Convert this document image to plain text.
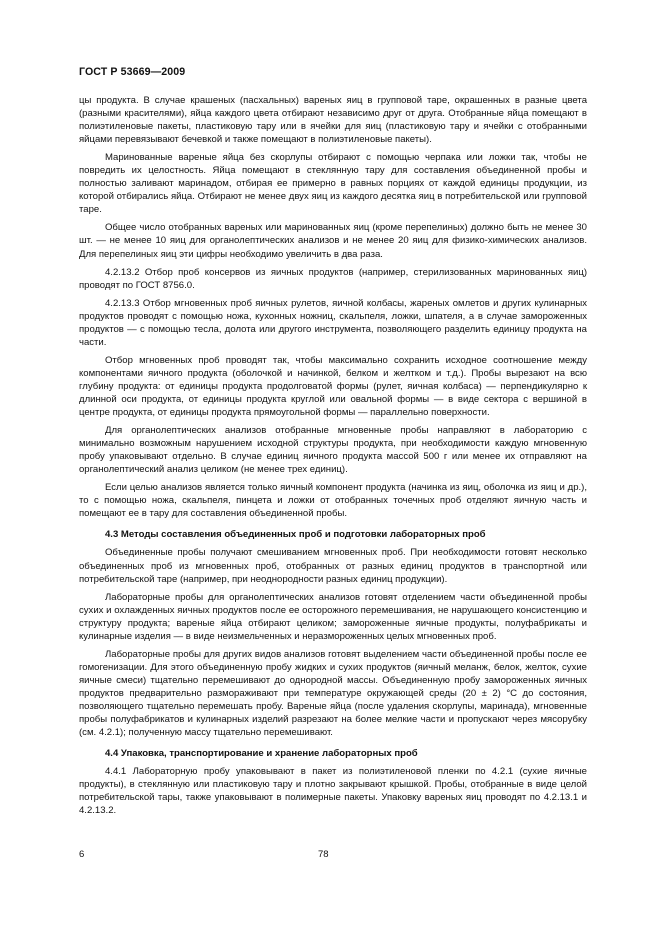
ГОСТ Р 53669—2009

цы продукта. В случае крашеных (пасхальных) вареных яиц в групповой таре, окрашенных в разные цвета (разными красителями), яйца каждого цвета отбирают независимо друг от друга. Отобранные яйца помещают в полиэтиленовые пакеты, пластиковую тару или в ячейки для яиц (пластиковую тару и ячейки с отобранными яйцами перевязывают бечевкой и также помещают в полиэтиленовые пакеты).

Маринованные вареные яйца без скорлупы отбирают с помощью черпака или ложки так, чтобы не повредить их целостность. Яйца помещают в стеклянную тару для составления объединенной пробы и полностью заливают маринадом, отбирая ее примерно в равных порциях от каждой единицы продукции, из которой отбирались яйца. Отбирают не менее двух яиц из каждого десятка яиц в потребительской или групповой таре.

Общее число отобранных вареных или маринованных яиц (кроме перепелиных) должно быть не менее 30 шт. — не менее 10 яиц для органолептических анализов и не менее 20 яиц для физико-химических анализов. Для перепелиных яиц эти цифры необходимо увеличить в два раза.

4.2.13.2 Отбор проб консервов из яичных продуктов (например, стерилизованных маринованных яиц) проводят по ГОСТ 8756.0.

4.2.13.3 Отбор мгновенных проб яичных рулетов, яичной колбасы, жареных омлетов и других кулинарных продуктов проводят с помощью ножа, кухонных ножниц, скальпеля, ложки, шпателя, а в случае замороженных продуктов — с помощью тесла, долота или другого инструмента, позволяющего разделить единицу продукта на части.

Отбор мгновенных проб проводят так, чтобы максимально сохранить исходное соотношение между компонентами яичного продукта (оболочкой и начинкой, белком и желтком и т.д.). Пробы вырезают на всю глубину продукта: от единицы продукта продолговатой формы (рулет, яичная колбаса) — перпендикулярно к длинной оси продукта, от единицы продукта круглой или овальной формы — в виде сектора с вершиной в центре продукта, от единицы продукта прямоугольной формы — параллельно поверхности.

Для органолептических анализов отобранные мгновенные пробы направляют в лабораторию с минимально возможным нарушением исходной структуры продукта, при необходимости каждую мгновенную пробу упаковывают отдельно. В случае единиц яичного продукта массой 500 г или менее их отправляют на органолептический анализ целиком (не менее трех единиц).

Если целью анализов является только яичный компонент продукта (начинка из яиц, оболочка из яиц и др.), то с помощью ножа, скальпеля, пинцета и ложки от отобранных точечных проб отделяют яичную часть и помещают ее в тару для составления объединенной пробы.

4.3 Методы составления объединенных проб и подготовки лабораторных проб

Объединенные пробы получают смешиванием мгновенных проб. При необходимости готовят несколько объединенных проб из мгновенных проб, отобранных от разных единиц продуктов в транспортной или потребительской таре (например, при неоднородности разных единиц продукции).

Лабораторные пробы для органолептических анализов готовят отделением части объединенной пробы сухих и охлажденных яичных продуктов после ее осторожного перемешивания, не нарушающего консистенцию и структуру продукта; вареные яйца отбирают целиком; замороженные яичные продукты, полуфабрикаты и кулинарные изделия — в виде неизмельченных и неразмороженных целых мгновенных проб.

Лабораторные пробы для других видов анализов готовят выделением части объединенной пробы после ее гомогенизации. Для этого объединенную пробу жидких и сухих продуктов (яичный меланж, белок, желток, сухие яичные смеси) тщательно перемешивают до однородной массы. Объединенную пробу замороженных яичных продуктов предварительно размораживают при температуре окружающей среды (20 ± 2) °С до состояния, позволяющего тщательно перемешать пробу. Вареные яйца (после удаления скорлупы, маринада), мгновенные пробы полуфабрикатов и кулинарных изделий разрезают на более мелкие части и пропускают через мясорубку (см. 4.2.1); полученную массу тщательно перемешивают.

4.4 Упаковка, транспортирование и хранение лабораторных проб

4.4.1 Лабораторную пробу упаковывают в пакет из полиэтиленовой пленки по 4.2.1 (сухие яичные продукты), в стеклянную или пластиковую тару и плотно закрывают крышкой. Пробы, отобранные в виде целой потребительской тары, также упаковывают в полимерные пакеты. Упаковку вареных яиц проводят по 4.2.13.1 и 4.2.13.2.

6	78
